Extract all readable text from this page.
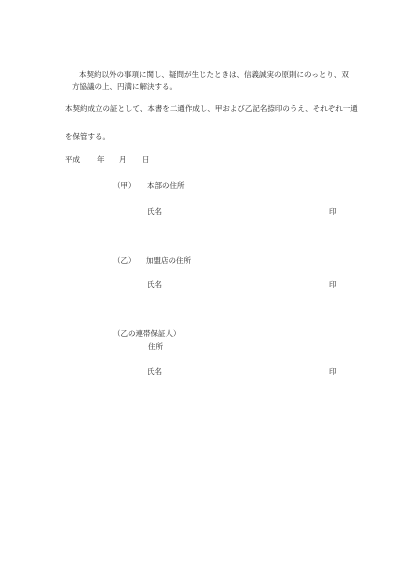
本契約以外の事項に関し、疑問が生じたときは、信義誠実の原則にのっとり、双
方協議の上、円満に解決する。
本契約成立の証として、本書を二通作成し、甲および乙記名捺印のうえ、それぞれ一通
を保管する。
平成 年 月 日
（甲） 本部の住所
氏名	印
（乙） 加盟店の住所
氏名	印
（乙の連帯保証人）
住所
氏名	印
